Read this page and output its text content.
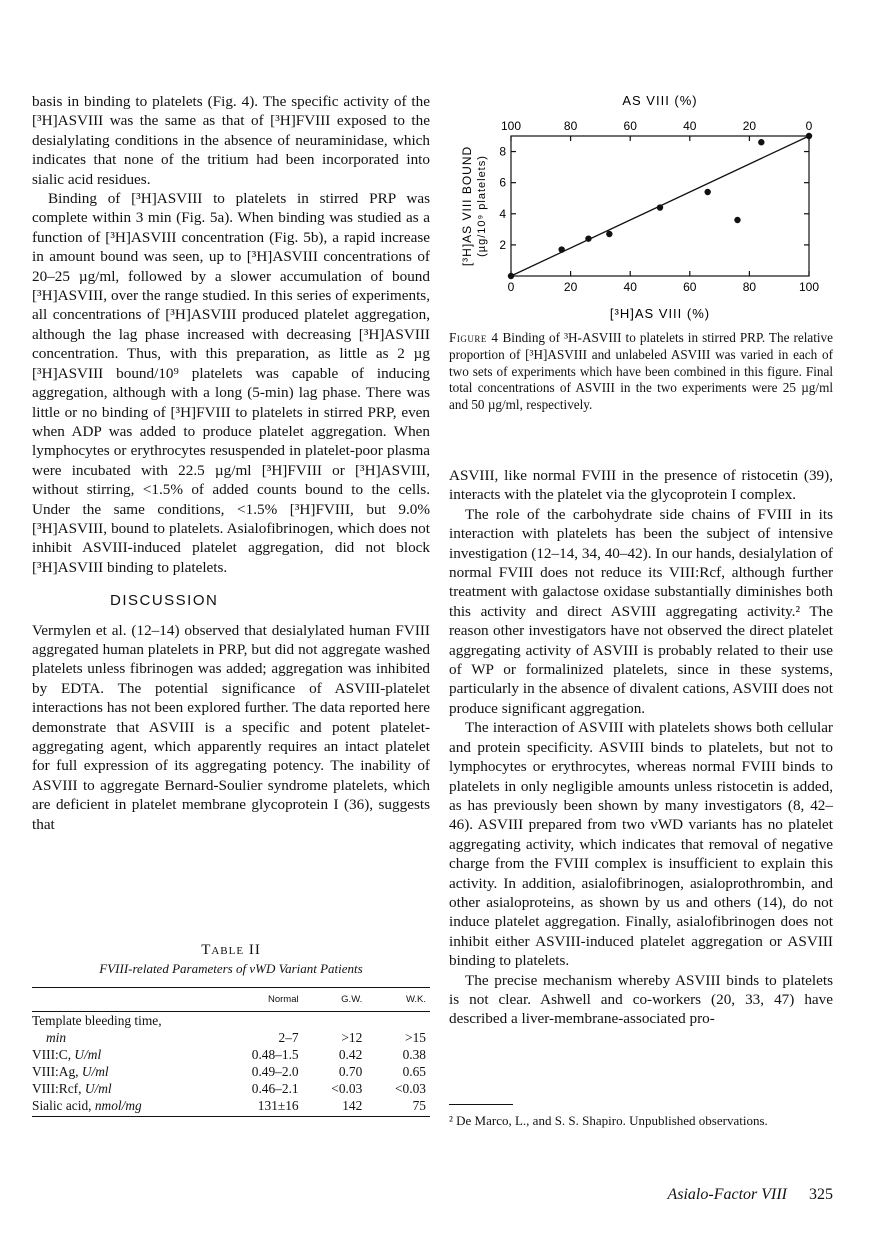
basis in binding to platelets (Fig. 4). The specific activity of the [³H]ASVIII was the same as that of [³H]FVIII exposed to the desialylating conditions in the absence of neuraminidase, which indicates that none of the tritium had been incorporated into sialic acid residues.

Binding of [³H]ASVIII to platelets in stirred PRP was complete within 3 min (Fig. 5a). When binding was studied as a function of [³H]ASVIII concentration (Fig. 5b), a rapid increase in amount bound was seen, up to [³H]ASVIII concentrations of 20–25 µg/ml, followed by a slower accumulation of bound [³H]ASVIII, over the range studied. In this series of experiments, all concentrations of [³H]ASVIII produced platelet aggregation, although the lag phase increased with decreasing [³H]ASVIII concentration. Thus, with this preparation, as little as 2 µg [³H]ASVIII bound/10⁹ platelets was capable of inducing aggregation, although with a long (5-min) lag phase. There was little or no binding of [³H]FVIII to platelets in stirred PRP, even when ADP was added to produce platelet aggregation. When lymphocytes or erythrocytes resuspended in platelet-poor plasma were incubated with 22.5 µg/ml [³H]FVIII or [³H]ASVIII, without stirring, <1.5% of added counts bound to the cells. Under the same conditions, <1.5% [³H]FVIII, but 9.0% [³H]ASVIII, bound to platelets. Asialofibrinogen, which does not inhibit ASVIII-induced platelet aggregation, did not block [³H]ASVIII binding to platelets.

DISCUSSION

Vermylen et al. (12–14) observed that desialylated human FVIII aggregated human platelets in PRP, but did not aggregate washed platelets unless fibrinogen was added; aggregation was inhibited by EDTA. The potential significance of ASVIII-platelet interactions has not been explored further. The data reported here demonstrate that ASVIII is a specific and potent platelet-aggregating agent, which apparently requires an intact platelet for full expression of its aggregating potency. The inability of ASVIII to aggregate Bernard-Soulier syndrome platelets, which are deficient in platelet membrane glycoprotein I (36), suggests that

AS VIII (%)
100	80	60	40	20	0
2
4
6
8
0	20	40	60	80	100
[³H]AS VIII BOUND (µg/10⁹ platelets)
[³H]AS VIII (%)
Figure 4 Binding of ³H-ASVIII to platelets in stirred PRP. The relative proportion of [³H]ASVIII and unlabeled ASVIII was varied in each of two sets of experiments which have been combined in this figure. Final total concentrations of ASVIII in the two experiments were 25 µg/ml and 50 µg/ml, respectively.

ASVIII, like normal FVIII in the presence of ristocetin (39), interacts with the platelet via the glycoprotein I complex.

The role of the carbohydrate side chains of FVIII in its interaction with platelets has been the subject of intensive investigation (12–14, 34, 40–42). In our hands, desialylation of normal FVIII does not reduce its VIII:Rcf, although further treatment with galactose oxidase substantially diminishes both this activity and direct ASVIII aggregating activity.² The reason other investigators have not observed the direct platelet aggregating activity of ASVIII is probably related to their use of WP or formalinized platelets, since in these systems, particularly in the absence of divalent cations, ASVIII does not produce significant aggregation.

The interaction of ASVIII with platelets shows both cellular and protein specificity. ASVIII binds to platelets, but not to lymphocytes or erythrocytes, whereas normal FVIII binds to platelets in only negligible amounts unless ristocetin is added, as has previously been shown by many investigators (8, 42–46). ASVIII prepared from two vWD variants has no platelet aggregating activity, which indicates that removal of negative charge from the FVIII complex is insufficient to explain this activity. In addition, asialofibrinogen, asialoprothrombin, and other asialoproteins, as shown by us and others (14), do not induce platelet aggregation. Finally, asialofibrinogen does not inhibit either ASVIII-induced platelet aggregation or ASVIII binding to platelets.

The precise mechanism whereby ASVIII binds to platelets is not clear. Ashwell and co-workers (20, 33, 47) have described a liver-membrane-associated pro-

Table II
FVIII-related Parameters of vWD Variant Patients
	Normal	G.W.	W.K.
Template bleeding time,			
min	2–7	>12	>15
VIII:C, U/ml	0.48–1.5	0.42	0.38
VIII:Ag, U/ml	0.49–2.0	0.70	0.65
VIII:Rcf, U/ml	0.46–2.1	<0.03	<0.03
Sialic acid, nmol/mg	131±16	142	75
² De Marco, L., and S. S. Shapiro. Unpublished observations.
Asialo-Factor VIII 325
